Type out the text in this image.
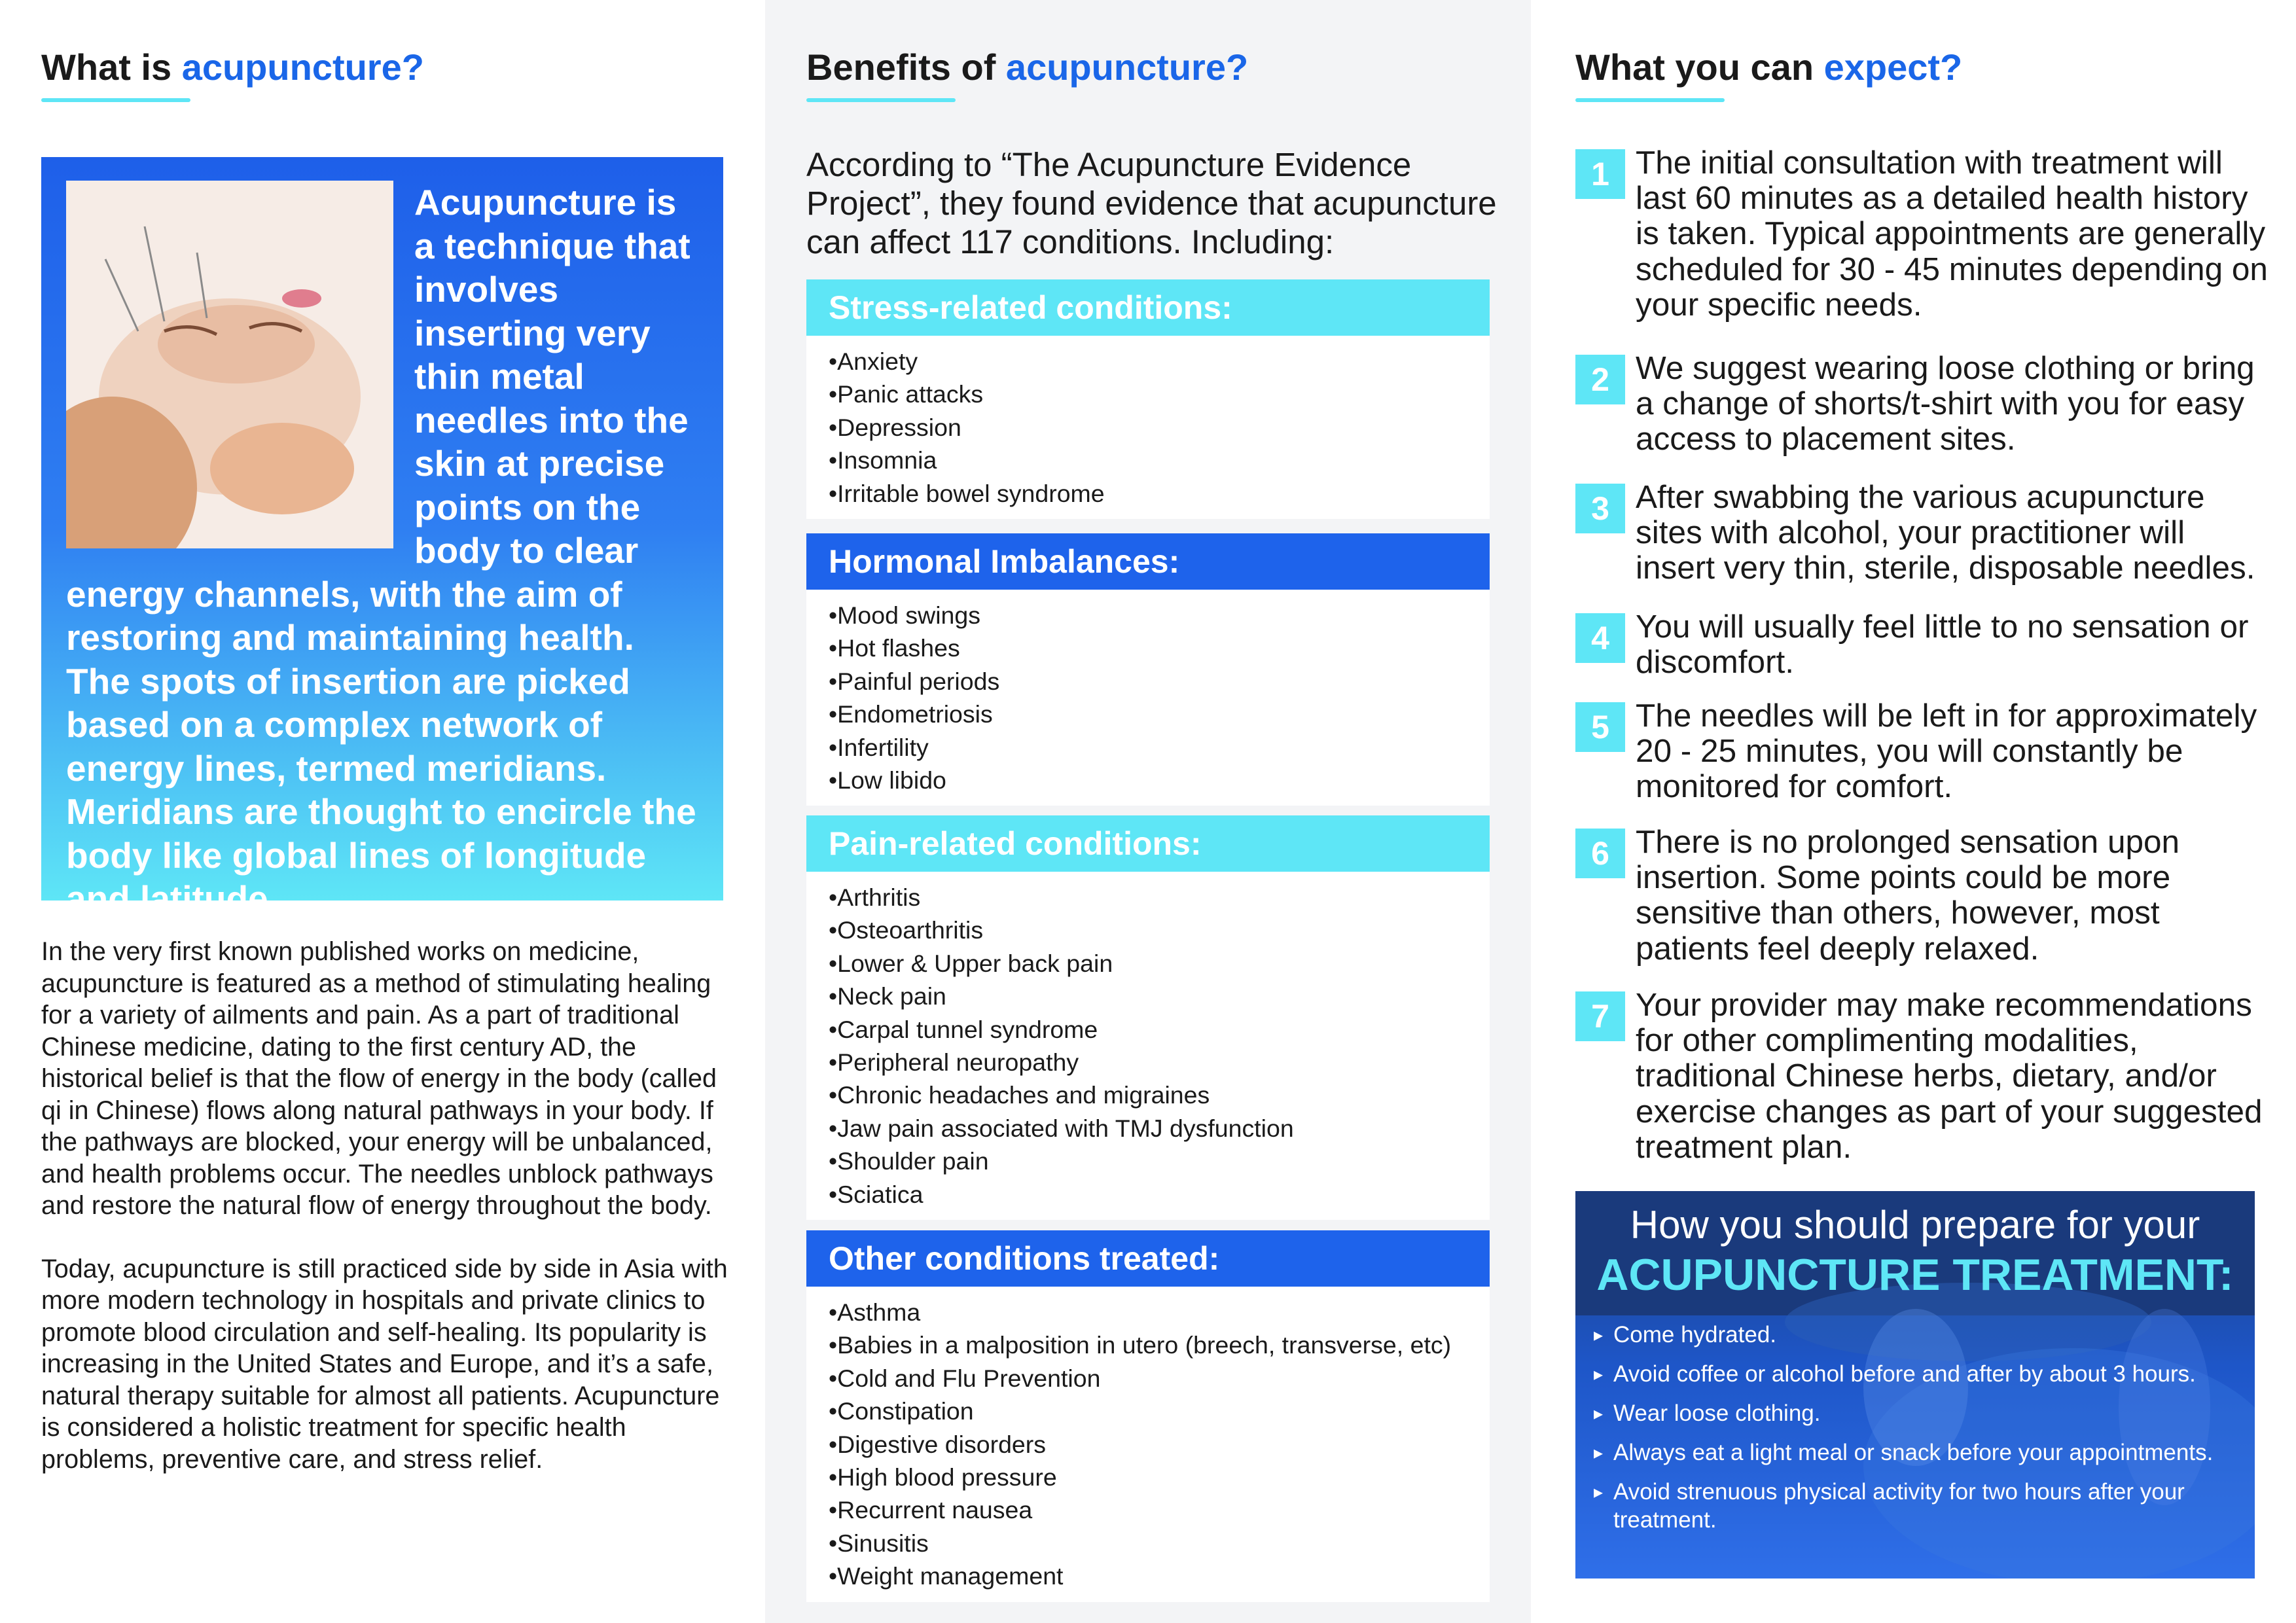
What is acupuncture?
Acupuncture is a technique that involves inserting very thin metal needles into the skin at precise points on the body to clear energy channels, with the aim of restoring and maintaining health. The spots of insertion are picked based on a complex network of energy lines, termed meridians. Meridians are thought to encircle the body like global lines of longitude and latitude.

In the very first known published works on medicine, acupuncture is featured as a method of stimulating healing for a variety of ailments and pain. As a part of traditional Chinese medicine, dating to the first century AD, the historical belief is that the flow of energy in the body (called qi in Chinese) flows along natural pathways in your body. If the pathways are blocked, your energy will be unbalanced, and health problems occur. The needles unblock pathways and restore the natural flow of energy throughout the body.

Today, acupuncture is still practiced side by side in Asia with more modern technology in hospitals and private clinics to promote blood circulation and self-healing. Its popularity is increasing in the United States and Europe, and it’s a safe, natural therapy suitable for almost all patients. Acupuncture is considered a holistic treatment for specific health problems, preventive care, and stress relief.

Benefits of acupuncture?

According to “The Acupuncture Evidence Project”, they found evidence that acupuncture can affect 117 conditions. Including:

Stress-related conditions:
• Anxiety
• Panic attacks
• Depression
• Insomnia
• Irritable bowel syndrome
Hormonal Imbalances:
• Mood swings
• Hot flashes
• Painful periods
• Endometriosis
• Infertility
• Low libido
Pain-related conditions:
• Arthritis
• Osteoarthritis
• Lower & Upper back pain
• Neck pain
• Carpal tunnel syndrome
• Peripheral neuropathy
• Chronic headaches and migraines
• Jaw pain associated with TMJ dysfunction
• Shoulder pain
• Sciatica
Other conditions treated:
• Asthma
• Babies in a malposition in utero (breech, transverse, etc)
• Cold and Flu Prevention
• Constipation
• Digestive disorders
• High blood pressure
• Recurrent nausea
• Sinusitis
• Weight management
What you can expect?
1 The initial consultation with treatment will last 60 minutes as a detailed health history is taken. Typical appointments are generally scheduled for 30 - 45 minutes depending on your specific needs.
2 We suggest wearing loose clothing or bring a change of shorts/t-shirt with you for easy access to placement sites.
3 After swabbing the various acupuncture sites with alcohol, your practitioner will insert very thin, sterile, disposable needles.
4 You will usually feel little to no sensation or discomfort.
5 The needles will be left in for approximately 20 - 25 minutes, you will constantly be monitored for comfort.
6 There is no prolonged sensation upon insertion. Some points could be more sensitive than others, however, most patients feel deeply relaxed.
7 Your provider may make recommendations for other complimenting modalities, traditional Chinese herbs, dietary, and/or exercise changes as part of your suggested treatment plan.
How you should prepare for your
ACUPUNCTURE TREATMENT:
▸ Come hydrated.
▸ Avoid coffee or alcohol before and after by about 3 hours.
▸ Wear loose clothing.
▸ Always eat a light meal or snack before your appointments.
▸ Avoid strenuous physical activity for two hours after your treatment.
